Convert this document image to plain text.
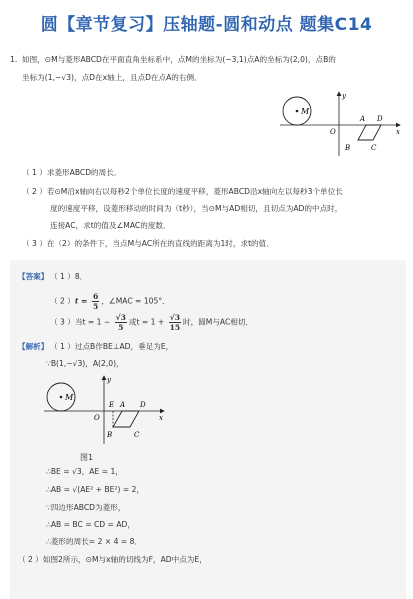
圆【章节复习】压轴题-圆和动点 题集C14
1. 如图，⊙M与菱形ABCD在平面直角坐标系中，点M的坐标为(−3,1)点A的坐标为(2,0)，点B的
坐标为(1,−√3)，点D在x轴上，且点D在点A的右侧．
M
y
x
O
A D
B	C
（ 1 ）求菱形ABCD的周长．
（ 2 ）若⊙M沿x轴向右以每秒2个单位长度的速度平移，菱形ABCD沿x轴向左以每秒3个单位长
度的速度平移，设菱形移动的时间为（t秒），当⊙M与AD相切，且切点为AD的中点时，
连接AC，求t的值及∠MAC的度数．
（ 3 ）在（2）的条件下，当点M与AC所在的直线的距离为1时，求t的值．
【答案】 （ 1 ）8．
（ 2 ）$t = \frac{6}{5}$ ，∠MAC = 105°．
（ 3 ）当$t = 1 - \frac{√3}{5}$ 或$t = 1 + \frac{√3}{15}$ 时，圆M与AC相切．
【解析】 （ 1 ）过点B作BE⊥AD，垂足为E，
∵B(1,−√3)，A(2,0)，
M
y
x
O
E A D
B	C
图1
∴BE = √3，AE = 1，
∴AB = √(AE² + BE²) = 2，
∵四边形ABCD为菱形，
∴AB = BC = CD = AD，
∴菱形的周长= 2 × 4 = 8．
（ 2 ）如图2所示，⊙M与x轴的切线为F，AD中点为E，
